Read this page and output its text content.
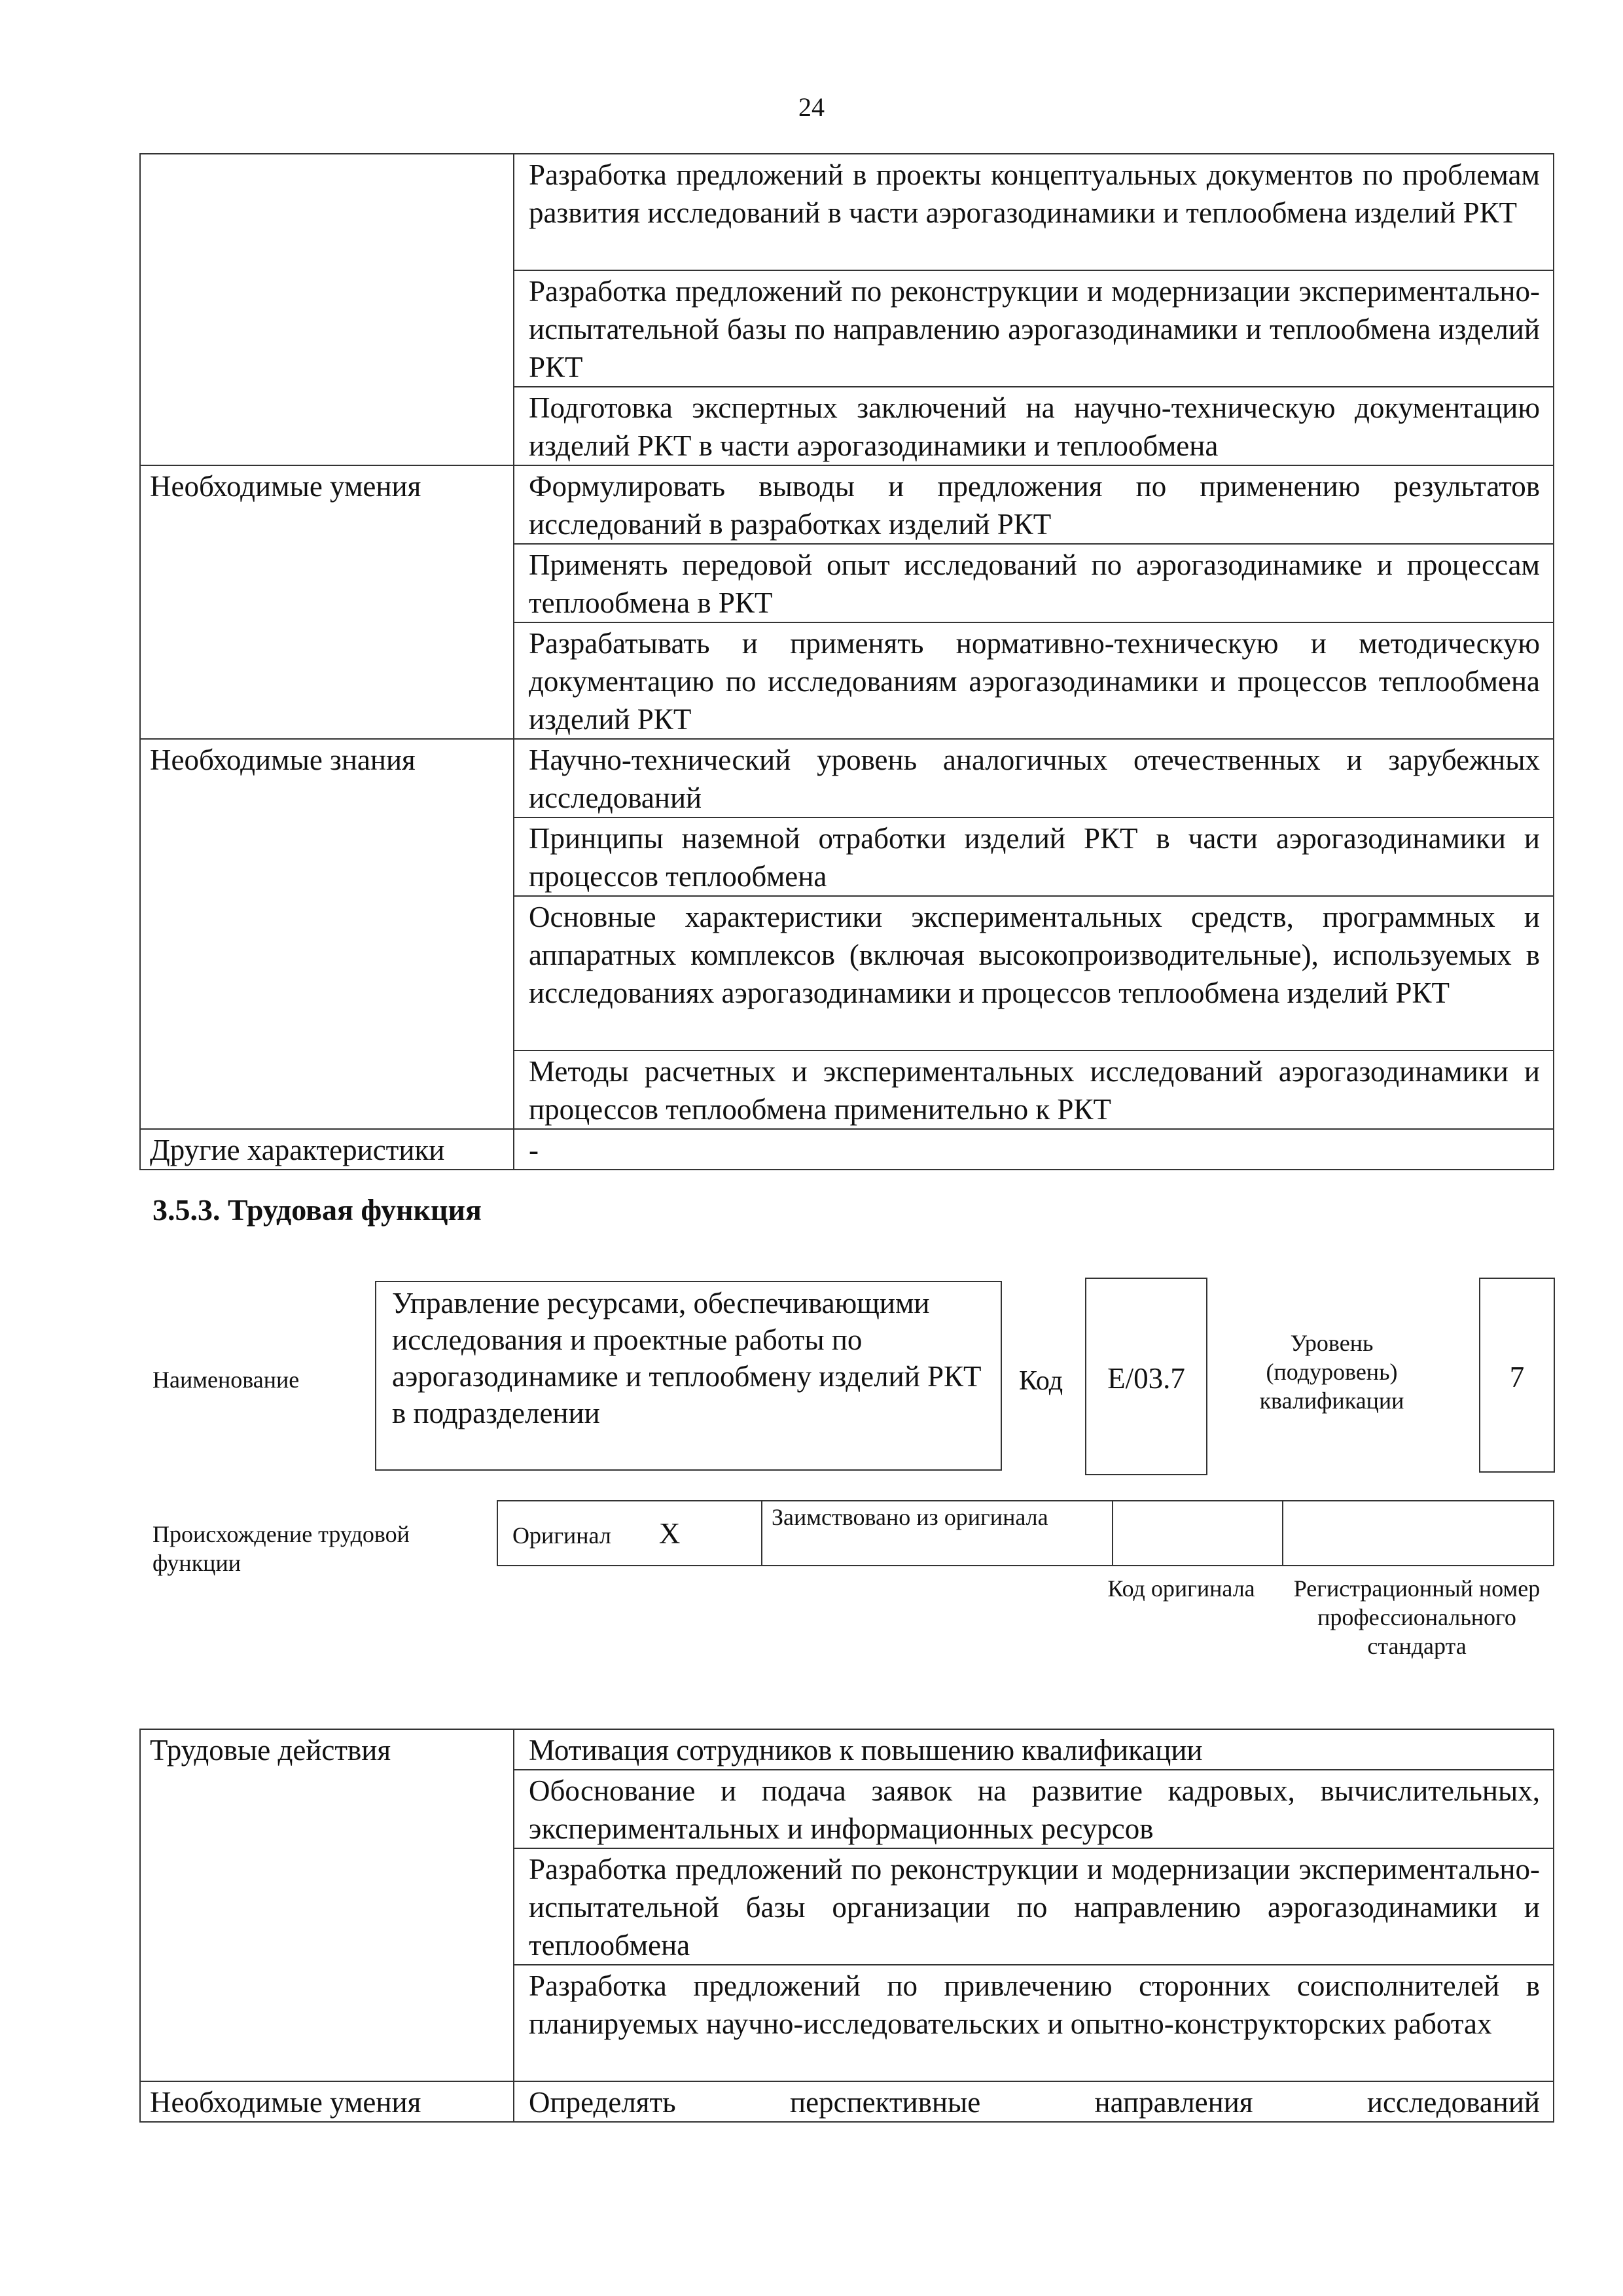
24
	Разработка предложений в проекты концептуальных документов по проблемам развития исследований в части аэрогазодинамики и теплообмена изделий РКТ
	Разработка предложений по реконструкции и модернизации экспериментально-испытательной базы по направлению аэрогазодинамики и теплообмена изделий РКТ
	Подготовка экспертных заключений на научно-техническую документацию изделий РКТ в части аэрогазодинамики и теплообмена
Необходимые умения	Формулировать выводы и предложения по применению результатов исследований в разработках изделий РКТ
	Применять передовой опыт исследований по аэрогазодинамике и процессам теплообмена в РКТ
	Разрабатывать и применять нормативно-техническую и методическую документацию по исследованиям аэрогазодинамики и процессов теплообмена изделий РКТ
Необходимые знания	Научно-технический уровень аналогичных отечественных и зарубежных исследований
	Принципы наземной отработки изделий РКТ в части аэрогазодинамики и процессов теплообмена
	Основные характеристики экспериментальных средств, программных и аппаратных комплексов (включая высокопроизводительные), используемых в исследованиях аэрогазодинамики и процессов теплообмена изделий РКТ
	Методы расчетных и экспериментальных исследований аэрогазодинамики и процессов теплообмена применительно к РКТ
Другие характеристики	-
3.5.3. Трудовая функция
Наименование
Управление ресурсами, обеспечивающими исследования и проектные работы по аэрогазодинамике и теплообмену изделий РКТ в подразделении
Код	E/03.7
Уровень (подуровень) квалификации
7
Происхождение трудовой функции
Оригинал X	Заимствовано из оригинала		
Код оригинала	Регистрационный номер профессионального стандарта
Трудовые действия	Мотивация сотрудников к повышению квалификации
	Обоснование и подача заявок на развитие кадровых, вычислительных, экспериментальных и информационных ресурсов
	Разработка предложений по реконструкции и модернизации экспериментально-испытательной базы организации по направлению аэрогазодинамики и теплообмена
	Разработка предложений по привлечению сторонних соисполнителей в планируемых научно-исследовательских и опытно-конструкторских работах
Необходимые умения	Определять перспективные направления исследований
